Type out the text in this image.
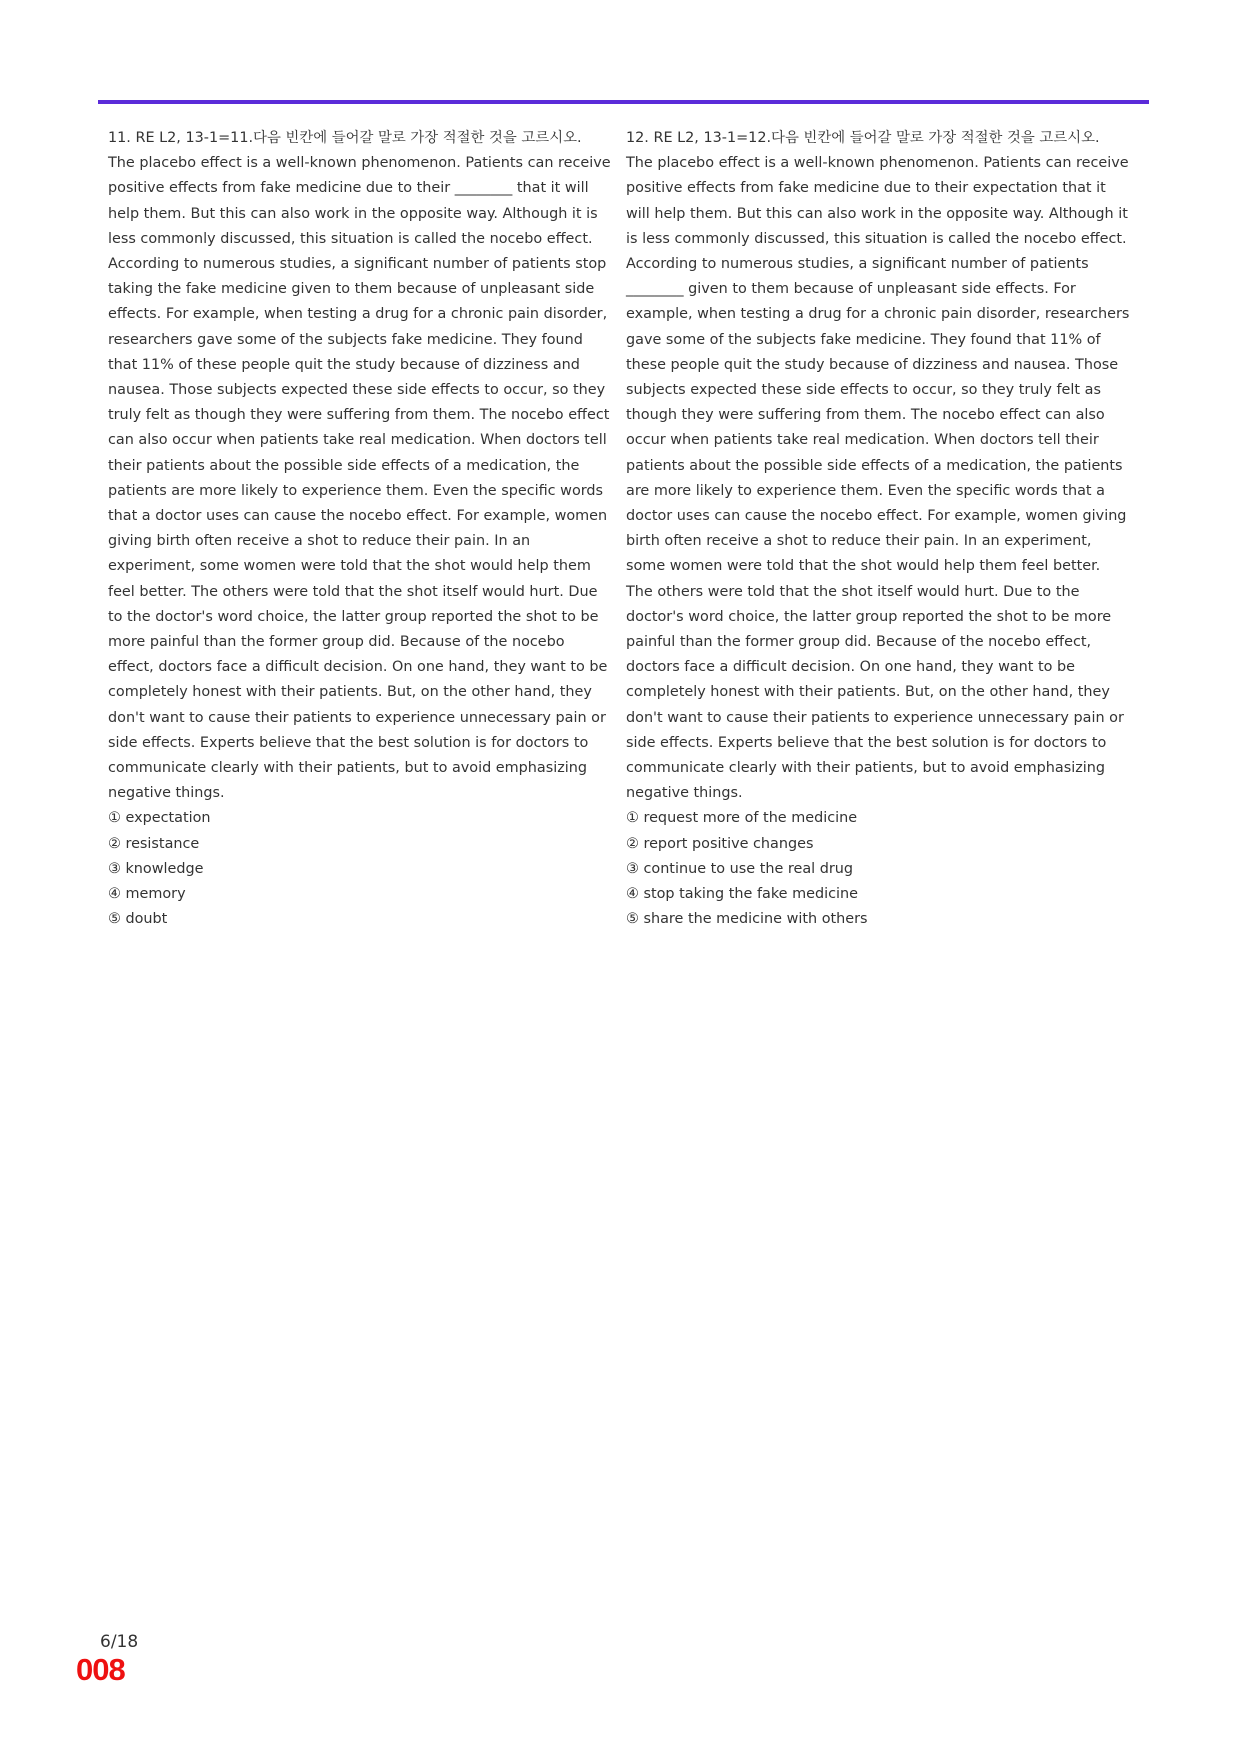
11. RE L2, 13-1=11.다음 빈칸에 들어갈 말로 가장 적절한 것을 고르시오.

The placebo effect is a well-known phenomenon. Patients can receive positive effects from fake medicine due to their ________ that it will help them. But this can also work in the opposite way. Although it is less commonly discussed, this situation is called the nocebo effect. According to numerous studies, a significant number of patients stop taking the fake medicine given to them because of unpleasant side effects. For example, when testing a drug for a chronic pain disorder, researchers gave some of the subjects fake medicine. They found that 11% of these people quit the study because of dizziness and nausea. Those subjects expected these side effects to occur, so they truly felt as though they were suffering from them. The nocebo effect can also occur when patients take real medication. When doctors tell their patients about the possible side effects of a medication, the patients are more likely to experience them. Even the specific words that a doctor uses can cause the nocebo effect. For example, women giving birth often receive a shot to reduce their pain. In an experiment, some women were told that the shot would help them feel better. The others were told that the shot itself would hurt. Due to the doctor's word choice, the latter group reported the shot to be more painful than the former group did. Because of the nocebo effect, doctors face a difficult decision. On one hand, they want to be completely honest with their patients. But, on the other hand, they don't want to cause their patients to experience unnecessary pain or side effects. Experts believe that the best solution is for doctors to communicate clearly with their patients, but to avoid emphasizing negative things.

① expectation
② resistance
③ knowledge
④ memory
⑤ doubt

12. RE L2, 13-1=12.다음 빈칸에 들어갈 말로 가장 적절한 것을 고르시오.

The placebo effect is a well-known phenomenon. Patients can receive positive effects from fake medicine due to their expectation that it will help them. But this can also work in the opposite way. Although it is less commonly discussed, this situation is called the nocebo effect. According to numerous studies, a significant number of patients ________ given to them because of unpleasant side effects. For example, when testing a drug for a chronic pain disorder, researchers gave some of the subjects fake medicine. They found that 11% of these people quit the study because of dizziness and nausea. Those subjects expected these side effects to occur, so they truly felt as though they were suffering from them. The nocebo effect can also occur when patients take real medication. When doctors tell their patients about the possible side effects of a medication, the patients are more likely to experience them. Even the specific words that a doctor uses can cause the nocebo effect. For example, women giving birth often receive a shot to reduce their pain. In an experiment, some women were told that the shot would help them feel better. The others were told that the shot itself would hurt. Due to the doctor's word choice, the latter group reported the shot to be more painful than the former group did. Because of the nocebo effect, doctors face a difficult decision. On one hand, they want to be completely honest with their patients. But, on the other hand, they don't want to cause their patients to experience unnecessary pain or side effects. Experts believe that the best solution is for doctors to communicate clearly with their patients, but to avoid emphasizing negative things.

① request more of the medicine
② report positive changes
③ continue to use the real drug
④ stop taking the fake medicine
⑤ share the medicine with others
6/18
008
